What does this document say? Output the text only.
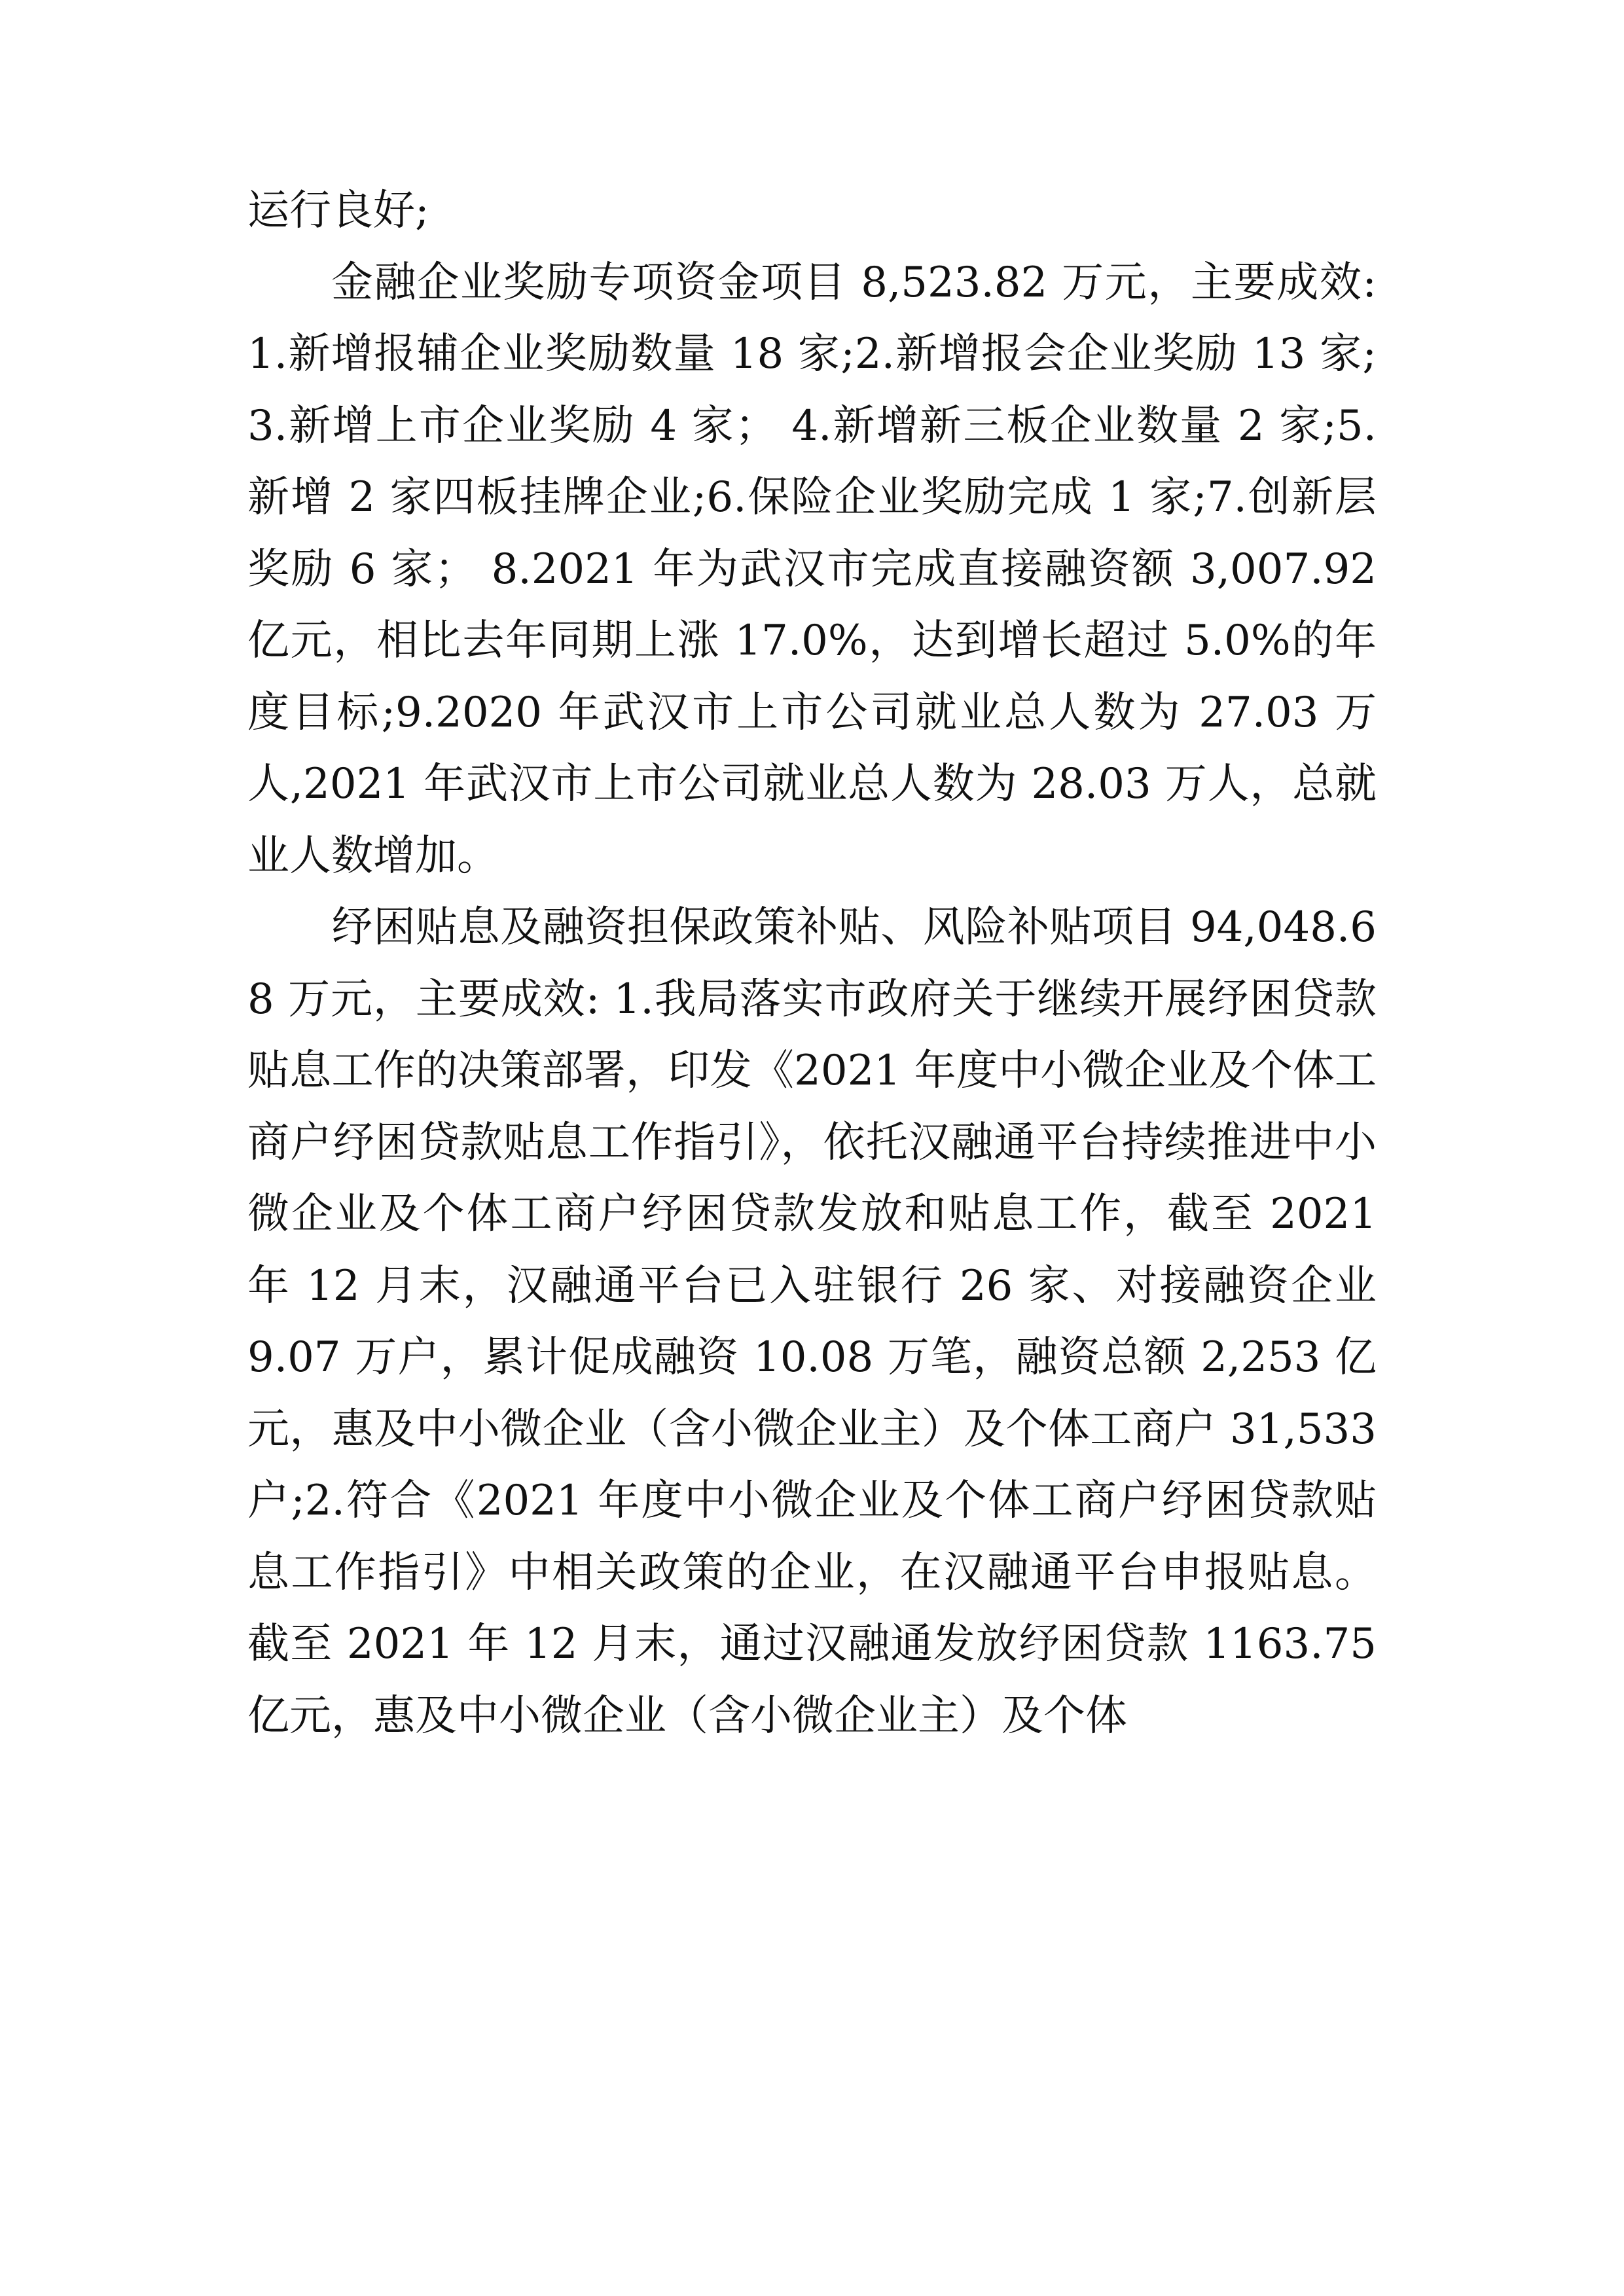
运行良好;

金融企业奖励专项资金项目 8,523.82 万元，主要成效: 1.新增报辅企业奖励数量 18 家;2.新增报会企业奖励 13 家; 3.新增上市企业奖励 4 家； 4.新增新三板企业数量 2 家;5.新增 2 家四板挂牌企业;6.保险企业奖励完成 1 家;7.创新层奖励 6 家； 8.2021 年为武汉市完成直接融资额 3,007.92 亿元，相比去年同期上涨 17.0%，达到增长超过 5.0%的年度目标;9.2020 年武汉市上市公司就业总人数为 27.03 万人,2021 年武汉市上市公司就业总人数为 28.03 万人，总就业人数增加。

纾困贴息及融资担保政策补贴、风险补贴项目 94,048.68 万元，主要成效: 1.我局落实市政府关于继续开展纾困贷款贴息工作的决策部署，印发《2021 年度中小微企业及个体工商户纾困贷款贴息工作指引》，依托汉融通平台持续推进中小微企业及个体工商户纾困贷款发放和贴息工作，截至 2021 年 12 月末，汉融通平台已入驻银行 26 家、对接融资企业 9.07 万户，累计促成融资 10.08 万笔，融资总额 2,253 亿元，惠及中小微企业（含小微企业主）及个体工商户 31,533 户;2.符合《2021 年度中小微企业及个体工商户纾困贷款贴息工作指引》中相关政策的企业，在汉融通平台申报贴息。截至 2021 年 12 月末，通过汉融通发放纾困贷款 1163.75 亿元，惠及中小微企业（含小微企业主）及个体
